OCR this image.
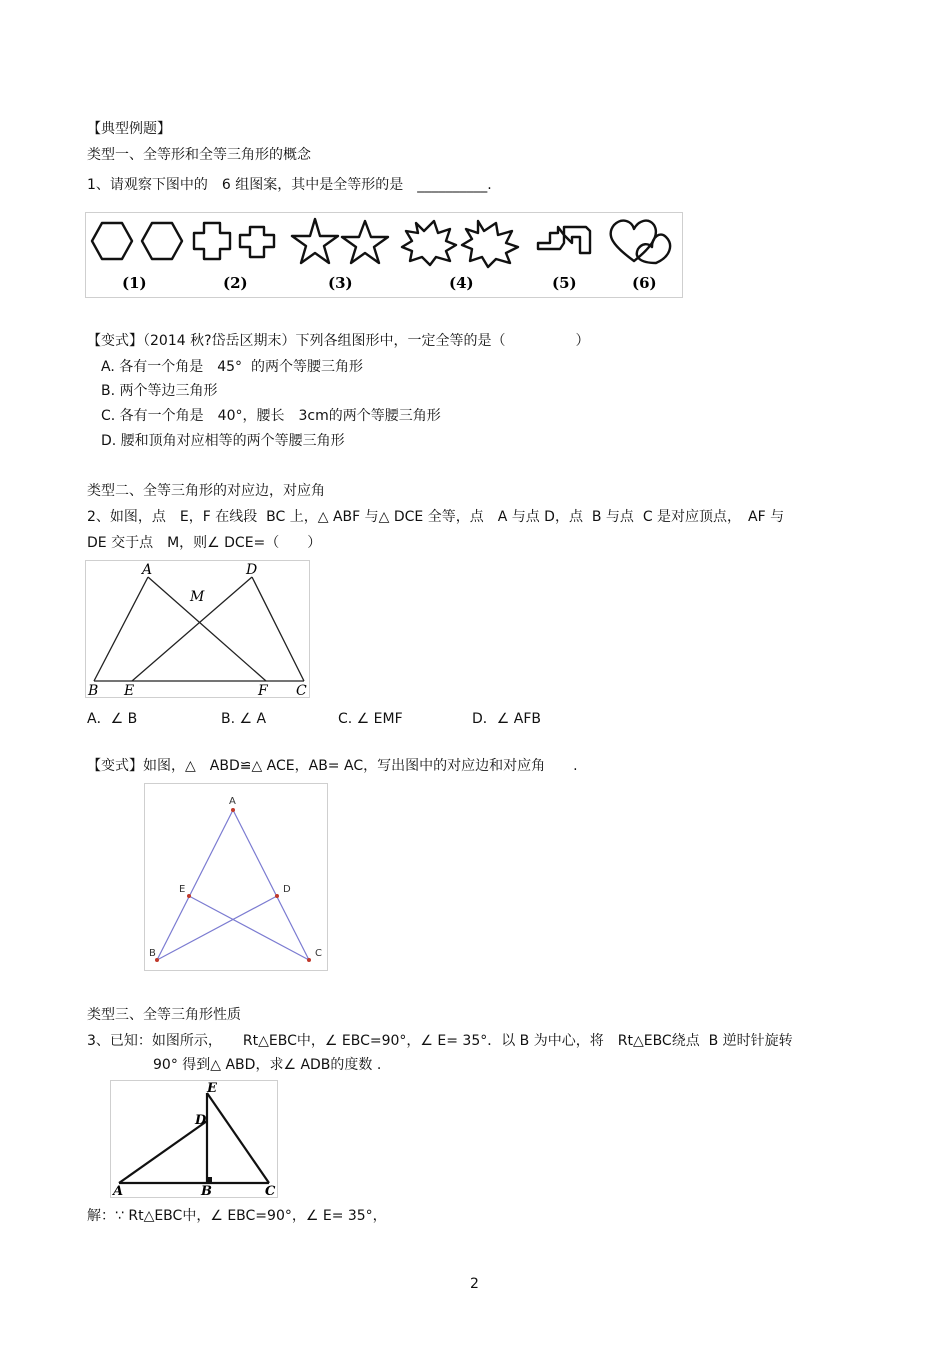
【典型例题】
类型一、全等形和全等三角形的概念
1、请观察下图中的　6 组图案，其中是全等形的是　__________.
(1)	(2)	(3)	(4)	(5)	(6)
【变式】（2014 秋?岱岳区期末）下列各组图形中，一定全等的是（　　　　　）
A. 各有一个角是　45°  的两个等腰三角形
B. 两个等边三角形
C. 各有一个角是　40°，腰长　3cm的两个等腰三角形
D. 腰和顶角对应相等的两个等腰三角形
类型二、全等三角形的对应边，对应角
2、如图，点　E，F 在线段  BC 上，△ ABF 与△ DCE 全等，点　A 与点 D，点  B 与点  C 是对应顶点，　AF 与
DE 交于点　M，则∠ DCE=（　　）
A	D
M
B E	F C
A．∠ B	B. ∠ A	C. ∠ EMF	D．∠ AFB
【变式】如图，△　ABD≌△ ACE，AB= AC，写出图中的对应边和对应角　　.
A
E	D
B	C
类型三、全等三角形性质
3、已知：如图所示，　　Rt△EBC中，∠ EBC=90°，∠ E= 35°．以 B 为中心，将　Rt△EBC绕点  B 逆时针旋转
90° 得到△ ABD，求∠ ADB的度数 .
E
D
A	B	C
解：∵ Rt△EBC中，∠ EBC=90°，∠ E= 35°，
2
